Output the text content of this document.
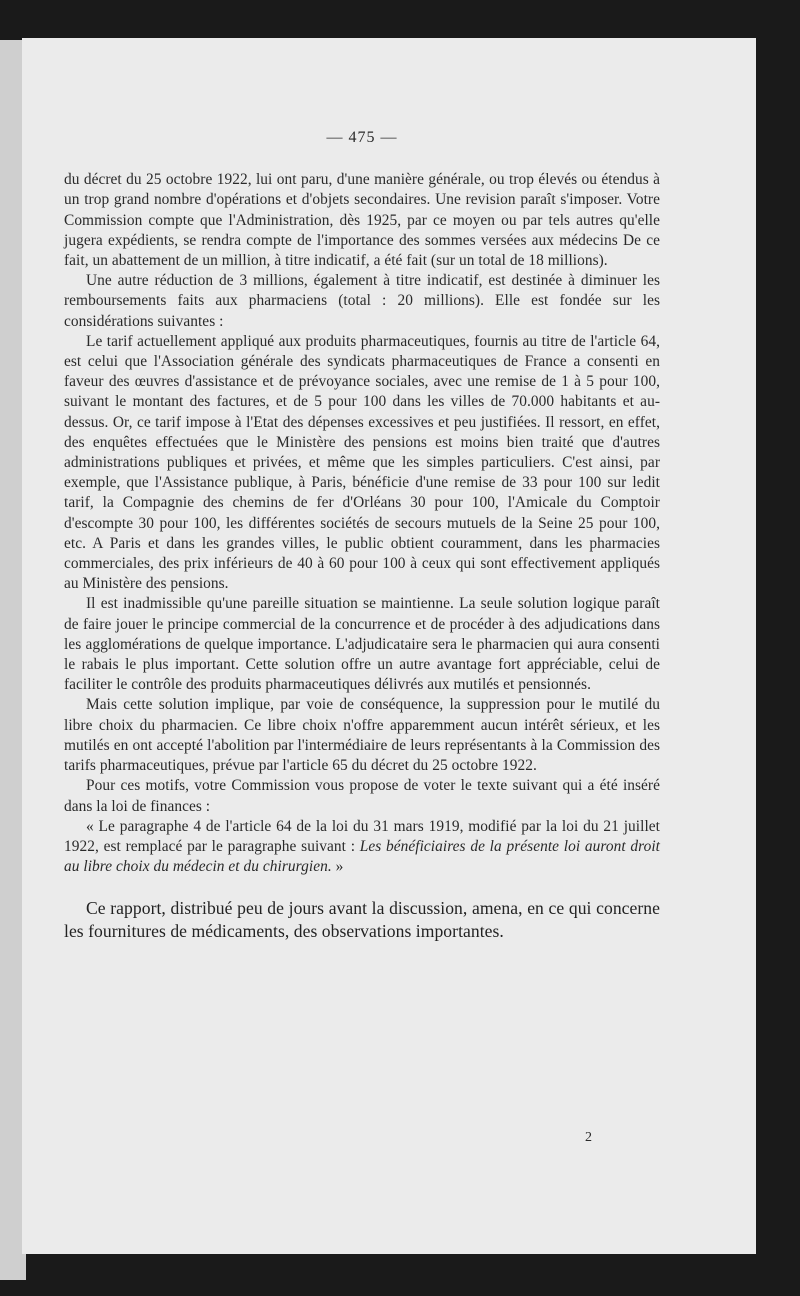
— 475 —

du décret du 25 octobre 1922, lui ont paru, d'une manière générale, ou trop élevés ou étendus à un trop grand nombre d'opérations et d'objets secondaires. Une revision paraît s'imposer. Votre Commission compte que l'Administration, dès 1925, par ce moyen ou par tels autres qu'elle jugera expédients, se rendra compte de l'importance des sommes versées aux médecins De ce fait, un abattement de un million, à titre indicatif, a été fait (sur un total de 18 millions).

Une autre réduction de 3 millions, également à titre indicatif, est destinée à diminuer les remboursements faits aux pharmaciens (total : 20 millions). Elle est fondée sur les considérations suivantes :

Le tarif actuellement appliqué aux produits pharmaceutiques, fournis au titre de l'article 64, est celui que l'Association générale des syndicats pharmaceutiques de France a consenti en faveur des œuvres d'assistance et de prévoyance sociales, avec une remise de 1 à 5 pour 100, suivant le montant des factures, et de 5 pour 100 dans les villes de 70.000 habitants et au-dessus. Or, ce tarif impose à l'Etat des dépenses excessives et peu justifiées. Il ressort, en effet, des enquêtes effectuées que le Ministère des pensions est moins bien traité que d'autres administrations publiques et privées, et même que les simples particuliers. C'est ainsi, par exemple, que l'Assistance publique, à Paris, bénéficie d'une remise de 33 pour 100 sur ledit tarif, la Compagnie des chemins de fer d'Orléans 30 pour 100, l'Amicale du Comptoir d'escompte 30 pour 100, les différentes sociétés de secours mutuels de la Seine 25 pour 100, etc. A Paris et dans les grandes villes, le public obtient couramment, dans les pharmacies commerciales, des prix inférieurs de 40 à 60 pour 100 à ceux qui sont effectivement appliqués au Ministère des pensions.

Il est inadmissible qu'une pareille situation se maintienne. La seule solution logique paraît de faire jouer le principe commercial de la concurrence et de procéder à des adjudications dans les agglomérations de quelque importance. L'adjudicataire sera le pharmacien qui aura consenti le rabais le plus important. Cette solution offre un autre avantage fort appréciable, celui de faciliter le contrôle des produits pharmaceutiques délivrés aux mutilés et pensionnés.

Mais cette solution implique, par voie de conséquence, la suppression pour le mutilé du libre choix du pharmacien. Ce libre choix n'offre apparemment aucun intérêt sérieux, et les mutilés en ont accepté l'abolition par l'intermédiaire de leurs représentants à la Commission des tarifs pharmaceutiques, prévue par l'article 65 du décret du 25 octobre 1922.

Pour ces motifs, votre Commission vous propose de voter le texte suivant qui a été inséré dans la loi de finances :

« Le paragraphe 4 de l'article 64 de la loi du 31 mars 1919, modifié par la loi du 21 juillet 1922, est remplacé par le paragraphe suivant : Les bénéficiaires de la présente loi auront droit au libre choix du médecin et du chirurgien. »

Ce rapport, distribué peu de jours avant la discussion, amena, en ce qui concerne les fournitures de médicaments, des observations importantes.

2
